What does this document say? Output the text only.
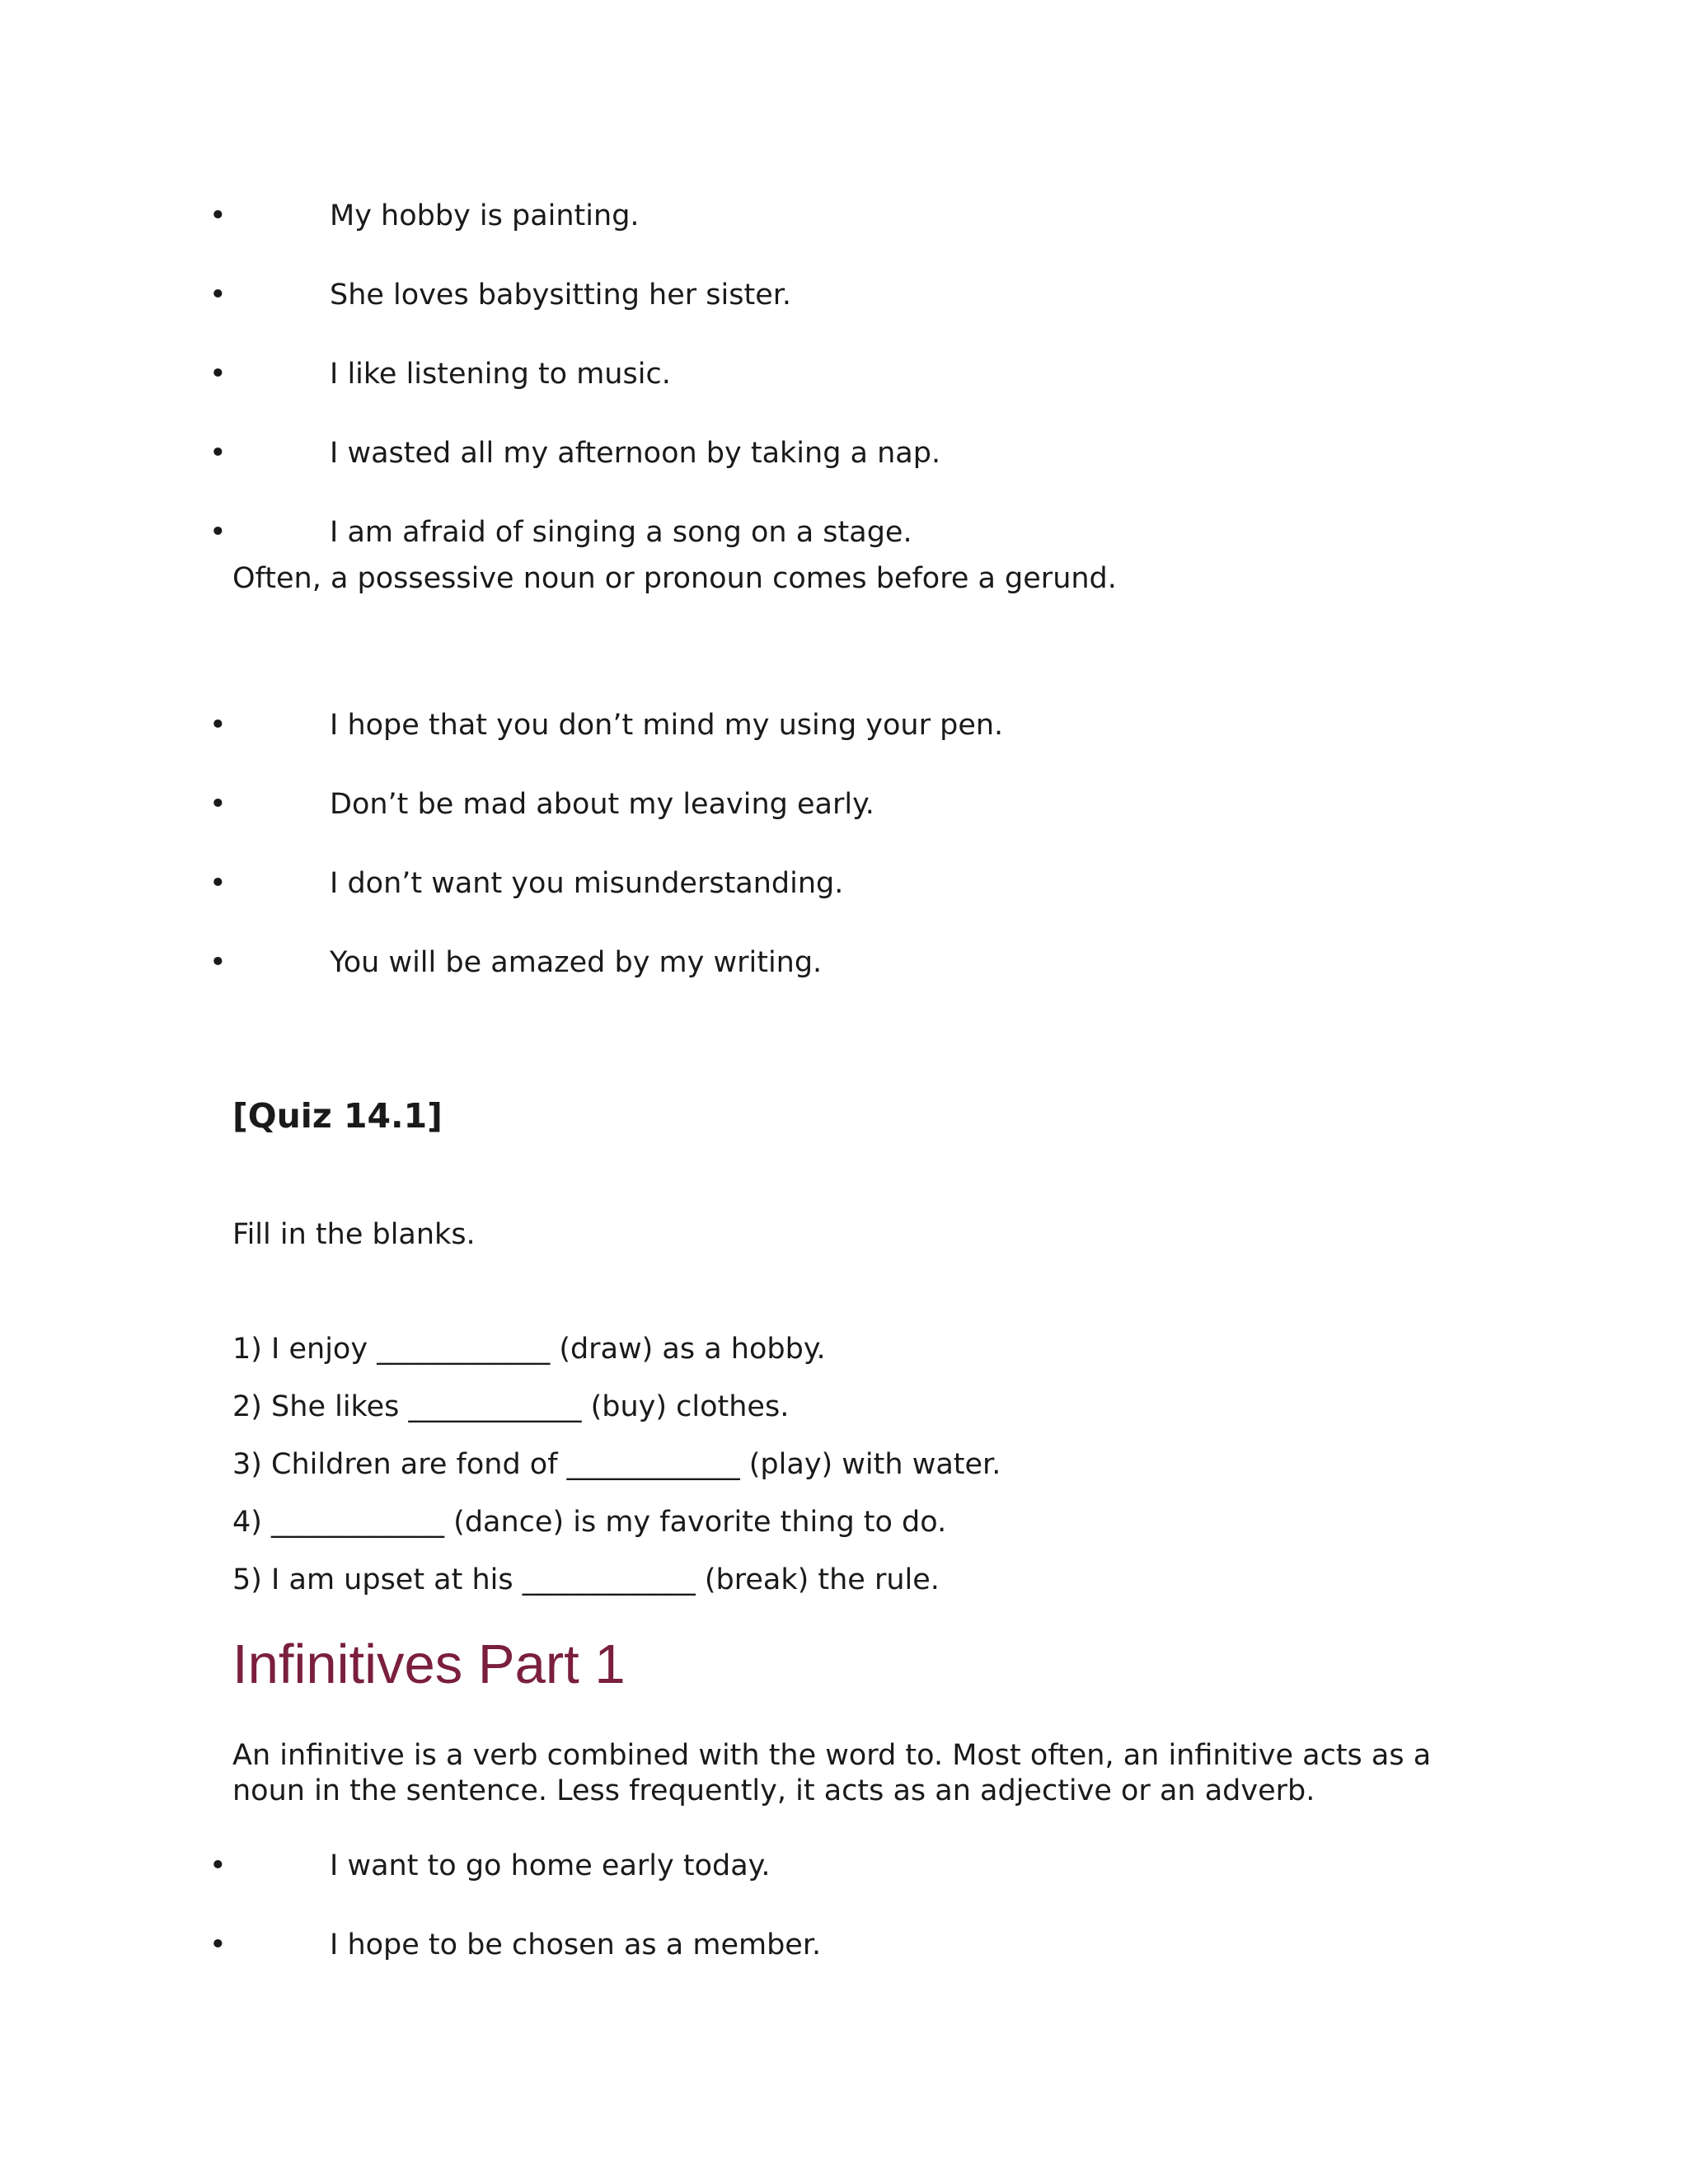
•	My hobby is painting.
•	She loves babysitting her sister.
•	I like listening to music.
•	I wasted all my afternoon by taking a nap.
•	I am afraid of singing a song on a stage.
Often, a possessive noun or pronoun comes before a gerund.
•	I hope that you don’t mind my using your pen.
•	Don’t be mad about my leaving early.
•	I don’t want you misunderstanding.
•	You will be amazed by my writing.
[Quiz 14.1]
Fill in the blanks.
1) I enjoy ____________ (draw) as a hobby.
2) She likes ____________ (buy) clothes.
3) Children are fond of ____________ (play) with water.
4) ____________ (dance) is my favorite thing to do.
5) I am upset at his ____________ (break) the rule.
Infinitives Part 1
An infinitive is a verb combined with the word to. Most often, an infinitive acts as a
noun in the sentence. Less frequently, it acts as an adjective or an adverb.
•	I want to go home early today.
•	I hope to be chosen as a member.
